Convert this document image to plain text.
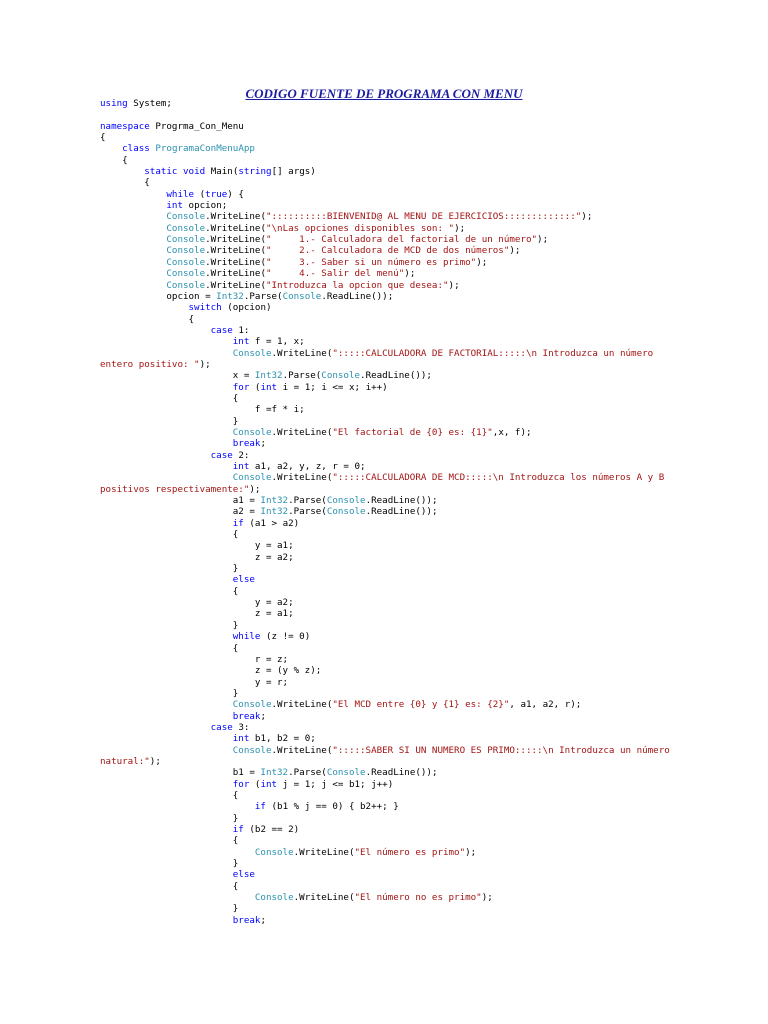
CODIGO FUENTE DE PROGRAMA CON MENU
using System;

namespace Progrma_Con_Menu
{
class ProgramaConMenuApp
{
static void Main(string[] args)
{
while (true) {
int opcion;
Console.WriteLine("::::::::::BIENVENID@ AL MENU DE EJERCICIOS:::::::::::::");
Console.WriteLine("\nLas opciones disponibles son: ");
Console.WriteLine("     1.- Calculadora del factorial de un número");
Console.WriteLine("     2.- Calculadora de MCD de dos números");
Console.WriteLine("     3.- Saber si un número es primo");
Console.WriteLine("     4.- Salir del menú");
Console.WriteLine("Introduzca la opcion que desea:");
opcion = Int32.Parse(Console.ReadLine());
switch (opcion)
{
case 1:
int f = 1, x;
Console.WriteLine(":::::CALCULADORA DE FACTORIAL:::::\n Introduzca un número
entero positivo: ");
x = Int32.Parse(Console.ReadLine());
for (int i = 1; i <= x; i++)
{
f =f * i;
}
Console.WriteLine("El factorial de {0} es: {1}",x, f);
break;
case 2:
int a1, a2, y, z, r = 0;
Console.WriteLine(":::::CALCULADORA DE MCD:::::\n Introduzca los números A y B
positivos respectivamente:");
a1 = Int32.Parse(Console.ReadLine());
a2 = Int32.Parse(Console.ReadLine());
if (a1 > a2)
{
y = a1;
z = a2;
}
else
{
y = a2;
z = a1;
}
while (z != 0)
{
r = z;
z = (y % z);
y = r;
}
Console.WriteLine("El MCD entre {0} y {1} es: {2}", a1, a2, r);
break;
case 3:
int b1, b2 = 0;
Console.WriteLine(":::::SABER SI UN NUMERO ES PRIMO:::::\n Introduzca un número
natural:");
b1 = Int32.Parse(Console.ReadLine());
for (int j = 1; j <= b1; j++)
{
if (b1 % j == 0) { b2++; }
}
if (b2 == 2)
{
Console.WriteLine("El número es primo");
}
else
{
Console.WriteLine("El número no es primo");
}
break;
